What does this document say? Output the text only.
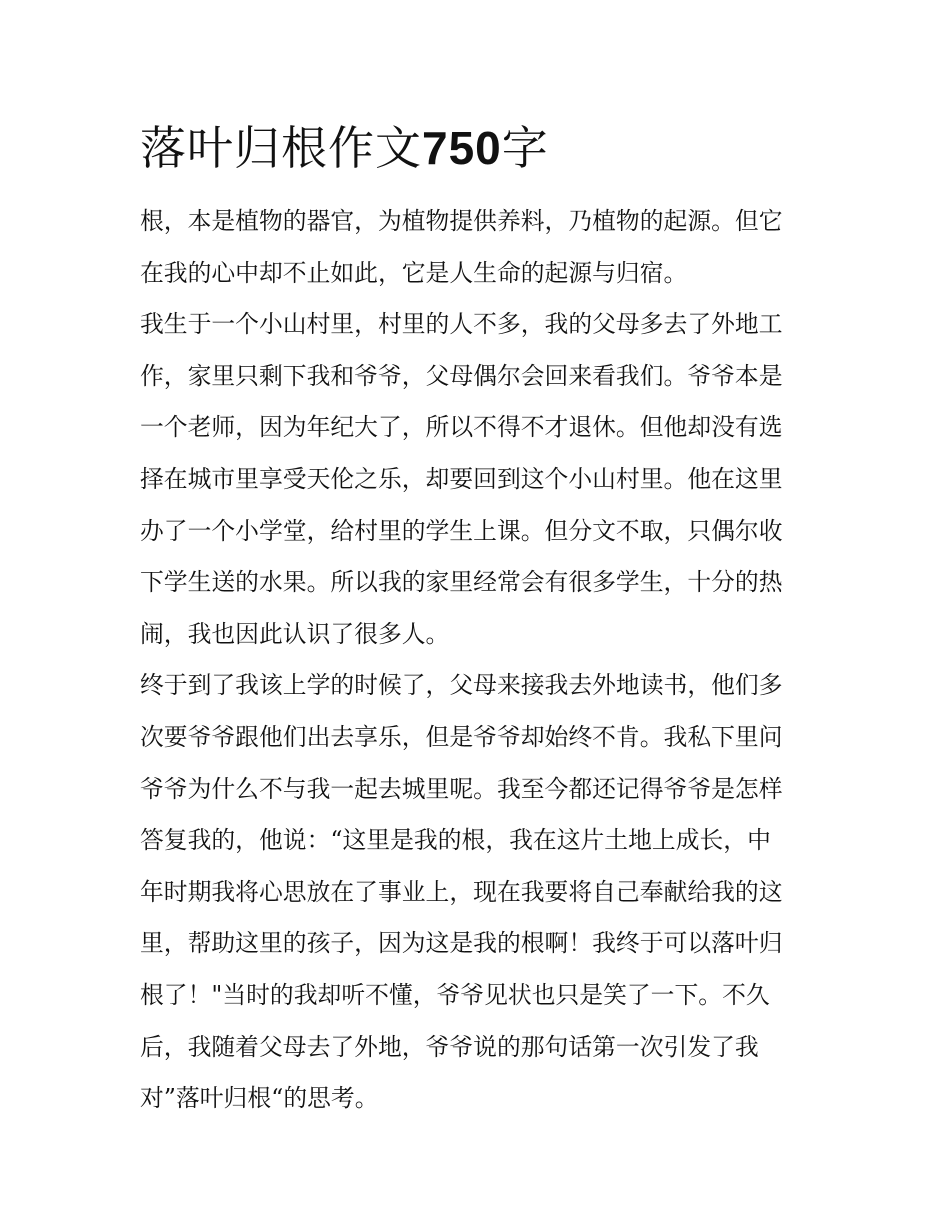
落叶归根作文750字
根，本是植物的器官，为植物提供养料，乃植物的起源。但它
在我的心中却不止如此，它是人生命的起源与归宿。
我生于一个小山村里，村里的人不多，我的父母多去了外地工
作，家里只剩下我和爷爷，父母偶尔会回来看我们。爷爷本是
一个老师，因为年纪大了，所以不得不才退休。但他却没有选
择在城市里享受天伦之乐，却要回到这个小山村里。他在这里
办了一个小学堂，给村里的学生上课。但分文不取，只偶尔收
下学生送的水果。所以我的家里经常会有很多学生，十分的热
闹，我也因此认识了很多人。
终于到了我该上学的时候了，父母来接我去外地读书，他们多
次要爷爷跟他们出去享乐，但是爷爷却始终不肯。我私下里问
爷爷为什么不与我一起去城里呢。我至今都还记得爷爷是怎样
答复我的，他说：“这里是我的根，我在这片土地上成长，中
年时期我将心思放在了事业上，现在我要将自己奉献给我的这
里，帮助这里的孩子，因为这是我的根啊！我终于可以落叶归
根了！"当时的我却听不懂，爷爷见状也只是笑了一下。不久
后，我随着父母去了外地，爷爷说的那句话第一次引发了我
对”落叶归根“的思考。
